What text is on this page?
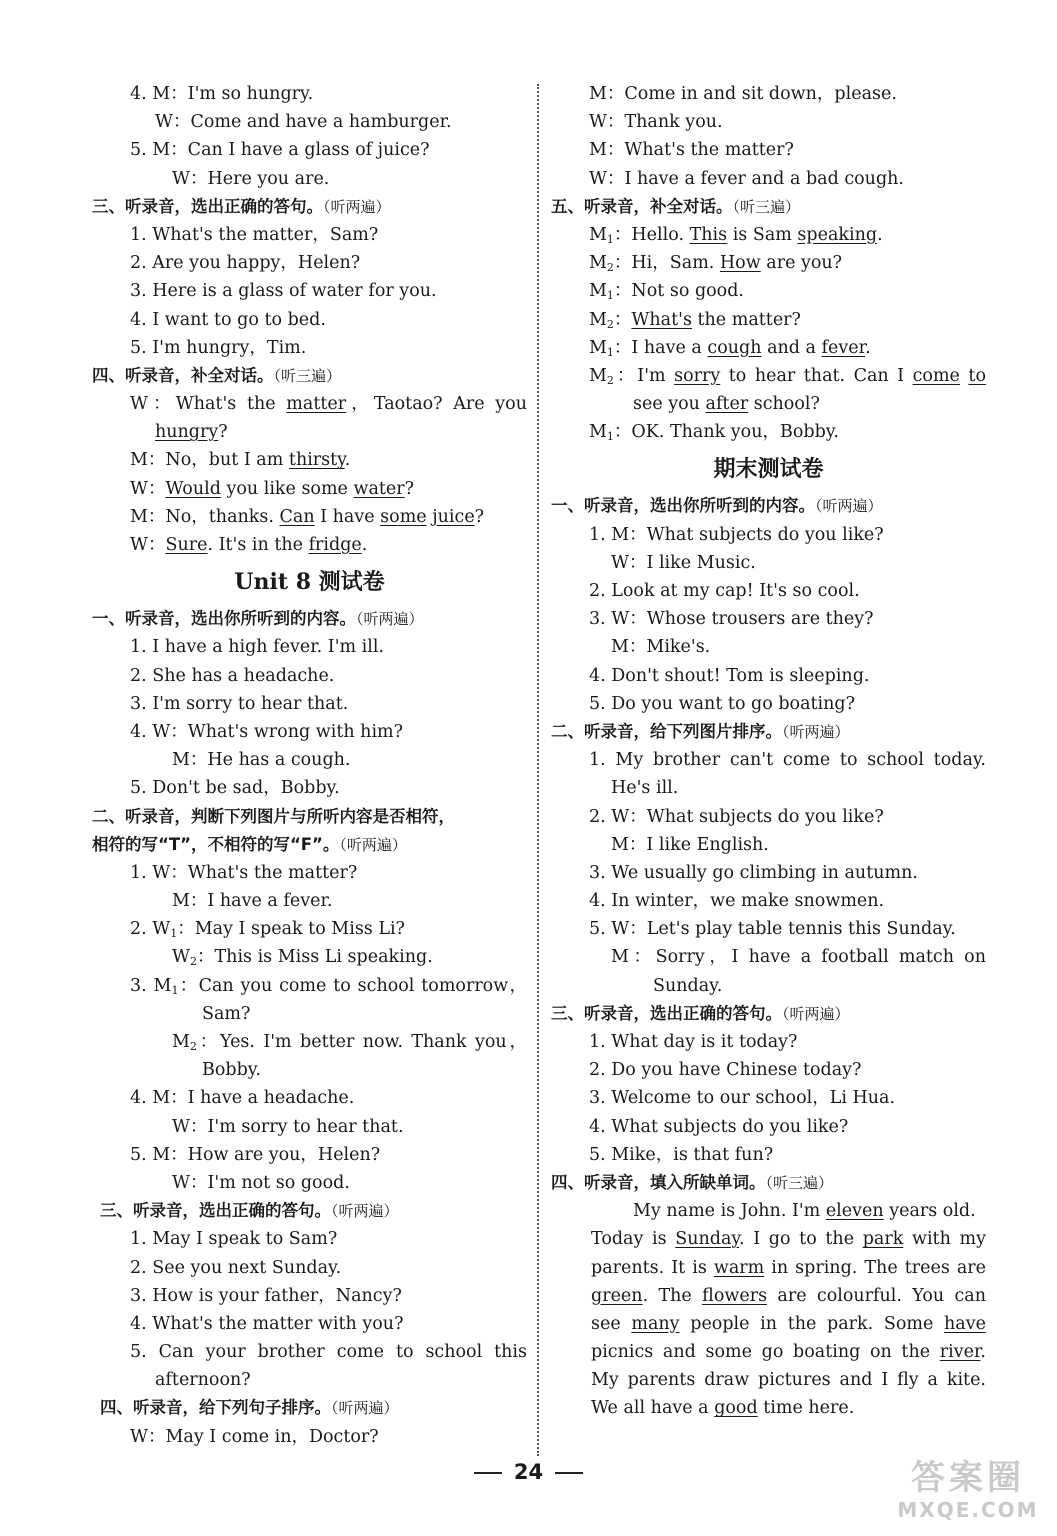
4. M：I'm so hungry.
W：Come and have a hamburger.
5. M：Can I have a glass of juice?
W：Here you are.
三、听录音，选出正确的答句。（听两遍）
1. What's the matter，Sam?
2. Are you happy，Helen?
3. Here is a glass of water for you.
4. I want to go to bed.
5. I'm hungry，Tim.
四、听录音，补全对话。（听三遍）
W：What's the matter，Taotao? Are you
hungry?
M：No，but I am thirsty.
W：Would you like some water?
M：No，thanks. Can I have some juice?
W：Sure. It's in the fridge.
Unit 8 测试卷
一、听录音，选出你所听到的内容。（听两遍）
1. I have a high fever. I'm ill.
2. She has a headache.
3. I'm sorry to hear that.
4. W：What's wrong with him?
M：He has a cough.
5. Don't be sad，Bobby.
二、听录音，判断下列图片与所听内容是否相符，
相符的写“T”，不相符的写“F”。（听两遍）
1. W：What's the matter?
M：I have a fever.
2. $W_1$：May I speak to Miss Li?
$W_2$：This is Miss Li speaking.
3. $M_1$：Can you come to school tomorrow，
Sam?
$M_2$：Yes. I'm better now. Thank you，
Bobby.
4. M：I have a headache.
W：I'm sorry to hear that.
5. M：How are you，Helen?
W：I'm not so good.
三、听录音，选出正确的答句。（听两遍）
1. May I speak to Sam?
2. See you next Sunday.
3. How is your father，Nancy?
4. What's the matter with you?
5. Can your brother come to school this
afternoon?
四、听录音，给下列句子排序。（听两遍）
W：May I come in，Doctor?
M：Come in and sit down，please.
W：Thank you.
M：What's the matter?
W：I have a fever and a bad cough.
五、听录音，补全对话。（听三遍）
$M_1$：Hello. This is Sam speaking.
$M_2$：Hi，Sam. How are you?
$M_1$：Not so good.
$M_2$：What's the matter?
$M_1$：I have a cough and a fever.
$M_2$：I'm sorry to hear that. Can I come to
see you after school?
$M_1$：OK. Thank you，Bobby.
期末测试卷
一、听录音，选出你所听到的内容。（听两遍）
1. M：What subjects do you like?
W：I like Music.
2. Look at my cap! It's so cool.
3. W：Whose trousers are they?
M：Mike's.
4. Don't shout! Tom is sleeping.
5. Do you want to go boating?
二、听录音，给下列图片排序。（听两遍）
1. My brother can't come to school today.
He's ill.
2. W：What subjects do you like?
M：I like English.
3. We usually go climbing in autumn.
4. In winter，we make snowmen.
5. W：Let's play table tennis this Sunday.
M：Sorry，I have a football match on
Sunday.
三、听录音，选出正确的答句。（听两遍）
1. What day is it today?
2. Do you have Chinese today?
3. Welcome to our school，Li Hua.
4. What subjects do you like?
5. Mike，is that fun?
四、听录音，填入所缺单词。（听三遍）
My name is John. I'm eleven years old.
Today is Sunday. I go to the park with my
parents. It is warm in spring. The trees are
green. The flowers are colourful. You can
see many people in the park. Some have
picnics and some go boating on the river.
My parents draw pictures and I fly a kite.
We all have a good time here.
24	答案圈
MXQE.COM
